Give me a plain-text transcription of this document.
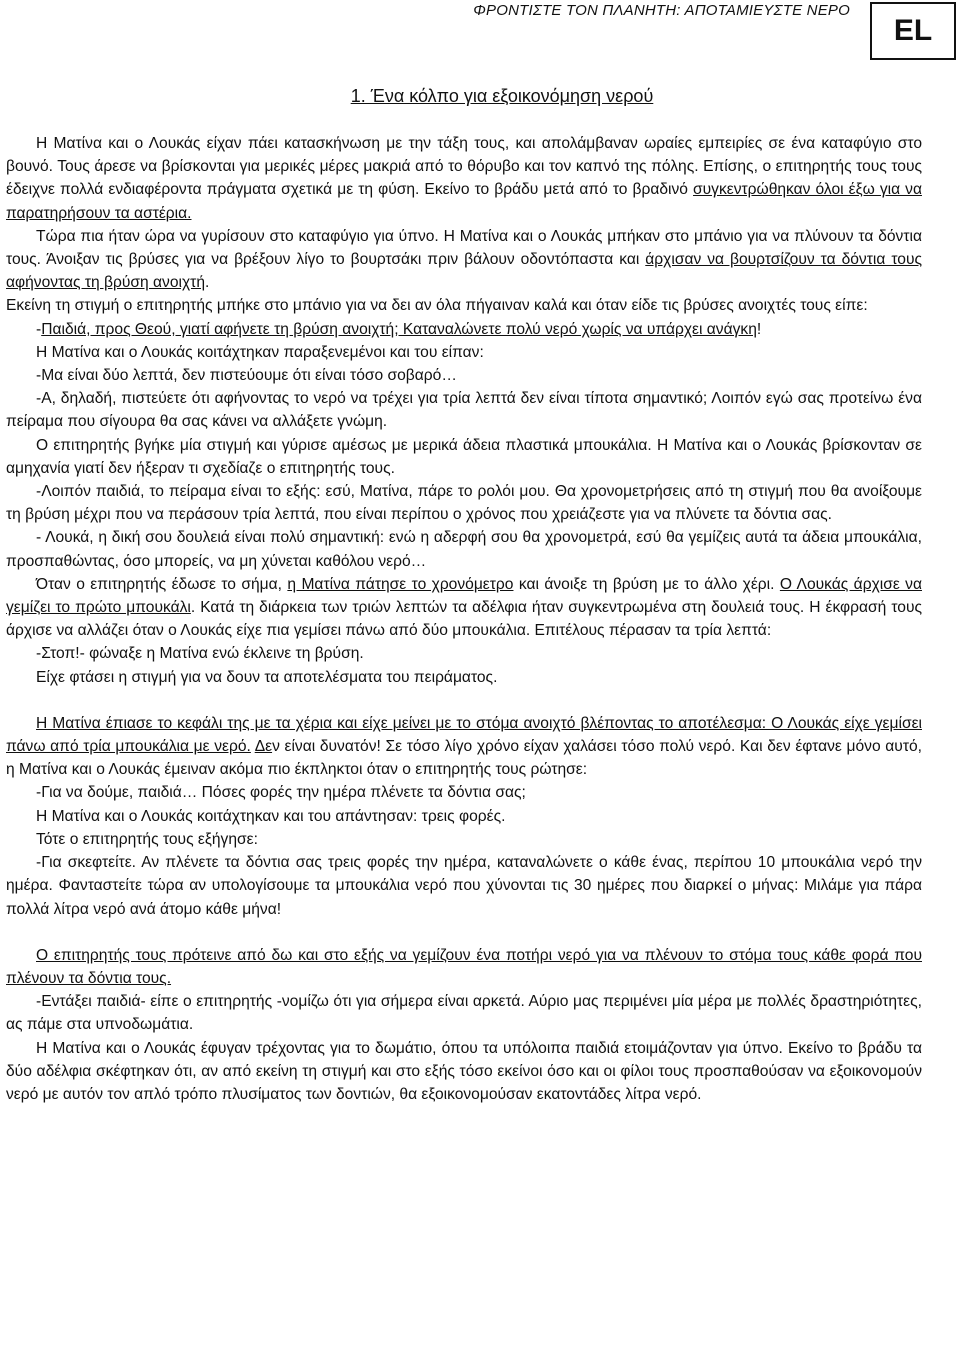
ΦΡΟΝΤΙΣΤΕ ΤΟΝ ΠΛΑΝΗΤΗ: ΑΠΟΤΑΜΙΕΥΣΤΕ ΝΕΡΟ
EL
1. Ένα κόλπο για εξοικονόμηση νερού

Η Ματίνα και ο Λουκάς είχαν πάει κατασκήνωση με την τάξη τους, και απολάμβαναν ωραίες εμπειρίες σε ένα καταφύγιο στο βουνό. Τους άρεσε να βρίσκονται για μερικές μέρες μακριά από το θόρυβο και τον καπνό της πόλης. Επίσης, ο επιτηρητής τους τους έδειχνε πολλά ενδιαφέροντα πράγματα σχετικά με τη φύση. Εκείνο το βράδυ μετά από το βραδινό συγκεντρώθηκαν όλοι έξω για να παρατηρήσουν τα αστέρια.

Τώρα πια ήταν ώρα να γυρίσουν στο καταφύγιο για ύπνο. Η Ματίνα και ο Λουκάς μπήκαν στο μπάνιο για να πλύνουν τα δόντια τους. Άνοιξαν τις βρύσες για να βρέξουν λίγο το βουρτσάκι πριν βάλουν οδοντόπαστα και άρχισαν να βουρτσίζουν τα δόντια τους αφήνοντας τη βρύση ανοιχτή.

Εκείνη τη στιγμή ο επιτηρητής μπήκε στο μπάνιο για να δει αν όλα πήγαιναν καλά και όταν είδε τις βρύσες ανοιχτές τους είπε:

-Παιδιά, προς Θεού, γιατί αφήνετε τη βρύση ανοιχτή; Καταναλώνετε πολύ νερό χωρίς να υπάρχει ανάγκη!

Η Ματίνα και ο Λουκάς κοιτάχτηκαν παραξενεμένοι και του είπαν:

-Μα είναι δύο λεπτά, δεν πιστεύουμε ότι είναι τόσο σοβαρό…

-Α, δηλαδή, πιστεύετε ότι αφήνοντας το νερό να τρέχει για τρία λεπτά δεν είναι τίποτα σημαντικό; Λοιπόν εγώ σας προτείνω ένα πείραμα που σίγουρα θα σας κάνει να αλλάξετε γνώμη.

Ο επιτηρητής βγήκε μία στιγμή και γύρισε αμέσως με μερικά άδεια πλαστικά μπουκάλια. Η Ματίνα και ο Λουκάς βρίσκονταν σε αμηχανία γιατί δεν ήξεραν τι σχεδίαζε ο επιτηρητής τους.

-Λοιπόν παιδιά, το πείραμα είναι το εξής: εσύ, Ματίνα, πάρε το ρολόι μου. Θα χρονομετρήσεις από τη στιγμή που θα ανοίξουμε τη βρύση μέχρι που να περάσουν τρία λεπτά, που είναι περίπου ο χρόνος που χρειάζεστε για να πλύνετε τα δόντια σας.

- Λουκά, η δική σου δουλειά είναι πολύ σημαντική: ενώ η αδερφή σου θα χρονομετρά, εσύ θα γεμίζεις αυτά τα άδεια μπουκάλια, προσπαθώντας, όσο μπορείς, να μη χύνεται καθόλου νερό…

Όταν ο επιτηρητής έδωσε το σήμα, η Ματίνα πάτησε το χρονόμετρο και άνοιξε τη βρύση με το άλλο χέρι. Ο Λουκάς άρχισε να γεμίζει το πρώτο μπουκάλι. Κατά τη διάρκεια των τριών λεπτών τα αδέλφια ήταν συγκεντρωμένα στη δουλειά τους. Η έκφρασή τους άρχισε να αλλάζει όταν ο Λουκάς είχε πια γεμίσει πάνω από δύο μπουκάλια. Επιτέλους πέρασαν τα τρία λεπτά:

-Στοπ!- φώναξε η Ματίνα ενώ έκλεινε τη βρύση.

Είχε φτάσει η στιγμή για να δουν τα αποτελέσματα του πειράματος.

Η Ματίνα έπιασε το κεφάλι της με τα χέρια και είχε μείνει με το στόμα ανοιχτό βλέποντας το αποτέλεσμα: Ο Λουκάς είχε γεμίσει πάνω από τρία μπουκάλια με νερό. Δεν είναι δυνατόν! Σε τόσο λίγο χρόνο είχαν χαλάσει τόσο πολύ νερό. Και δεν έφτανε μόνο αυτό, η Ματίνα και ο Λουκάς έμειναν ακόμα πιο έκπληκτοι όταν ο επιτηρητής τους ρώτησε:

-Για να δούμε, παιδιά… Πόσες φορές την ημέρα πλένετε τα δόντια σας;

Η Ματίνα και ο Λουκάς κοιτάχτηκαν και του απάντησαν: τρεις φορές.

Τότε ο επιτηρητής τους εξήγησε:

-Για σκεφτείτε. Αν πλένετε τα δόντια σας τρεις φορές την ημέρα, καταναλώνετε ο κάθε ένας, περίπου 10 μπουκάλια νερό την ημέρα. Φανταστείτε τώρα αν υπολογίσουμε τα μπουκάλια νερό που χύνονται τις 30 ημέρες που διαρκεί ο μήνας: Μιλάμε για πάρα πολλά λίτρα νερό ανά άτομο κάθε μήνα!

Ο επιτηρητής τους πρότεινε από δω και στο εξής να γεμίζουν ένα ποτήρι νερό για να πλένουν το στόμα τους κάθε φορά που πλένουν τα δόντια τους.

-Εντάξει παιδιά- είπε ο επιτηρητής -νομίζω ότι για σήμερα είναι αρκετά. Αύριο μας περιμένει μία μέρα με πολλές δραστηριότητες, ας πάμε στα υπνοδωμάτια.

Η Ματίνα και ο Λουκάς έφυγαν τρέχοντας για το δωμάτιο, όπου τα υπόλοιπα παιδιά ετοιμάζονταν για ύπνο. Εκείνο το βράδυ τα δύο αδέλφια σκέφτηκαν ότι, αν από εκείνη τη στιγμή και στο εξής τόσο εκείνοι όσο και οι φίλοι τους προσπαθούσαν να εξοικονομούν νερό με αυτόν τον απλό τρόπο πλυσίματος των δοντιών, θα εξοικονομούσαν εκατοντάδες λίτρα νερό.
